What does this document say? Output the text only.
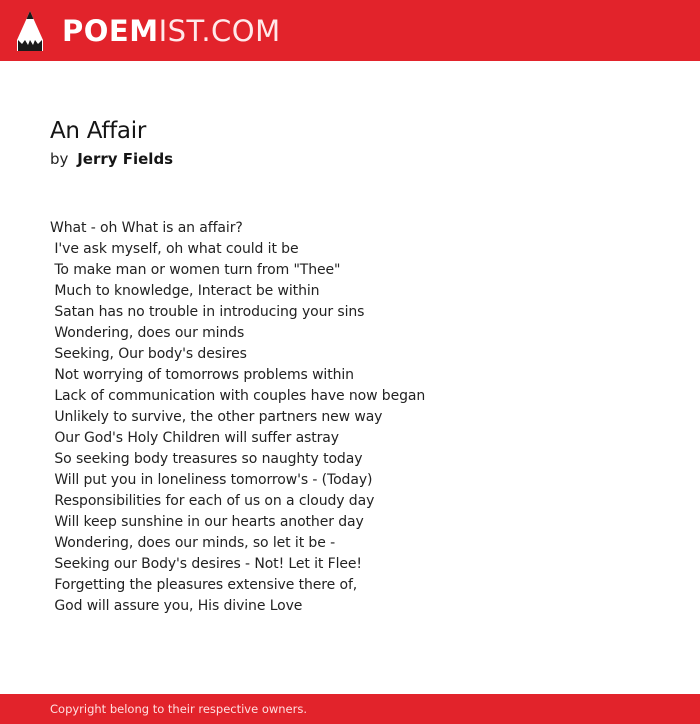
POEMIST.COM
An Affair
by Jerry Fields
What - oh What is an affair?
I've ask myself, oh what could it be
To make man or women turn from "Thee"
Much to knowledge, Interact be within
Satan has no trouble in introducing your sins
Wondering, does our minds
Seeking, Our body's desires
Not worrying of tomorrows problems within
Lack of communication with couples have now began
Unlikely to survive, the other partners new way
Our God's Holy Children will suffer astray
So seeking body treasures so naughty today
Will put you in loneliness tomorrow's - (Today)
Responsibilities for each of us on a cloudy day
Will keep sunshine in our hearts another day
Wondering, does our minds, so let it be -
Seeking our Body's desires - Not! Let it Flee!
Forgetting the pleasures extensive there of,
God will assure you, His divine Love
Copyright belong to their respective owners.
